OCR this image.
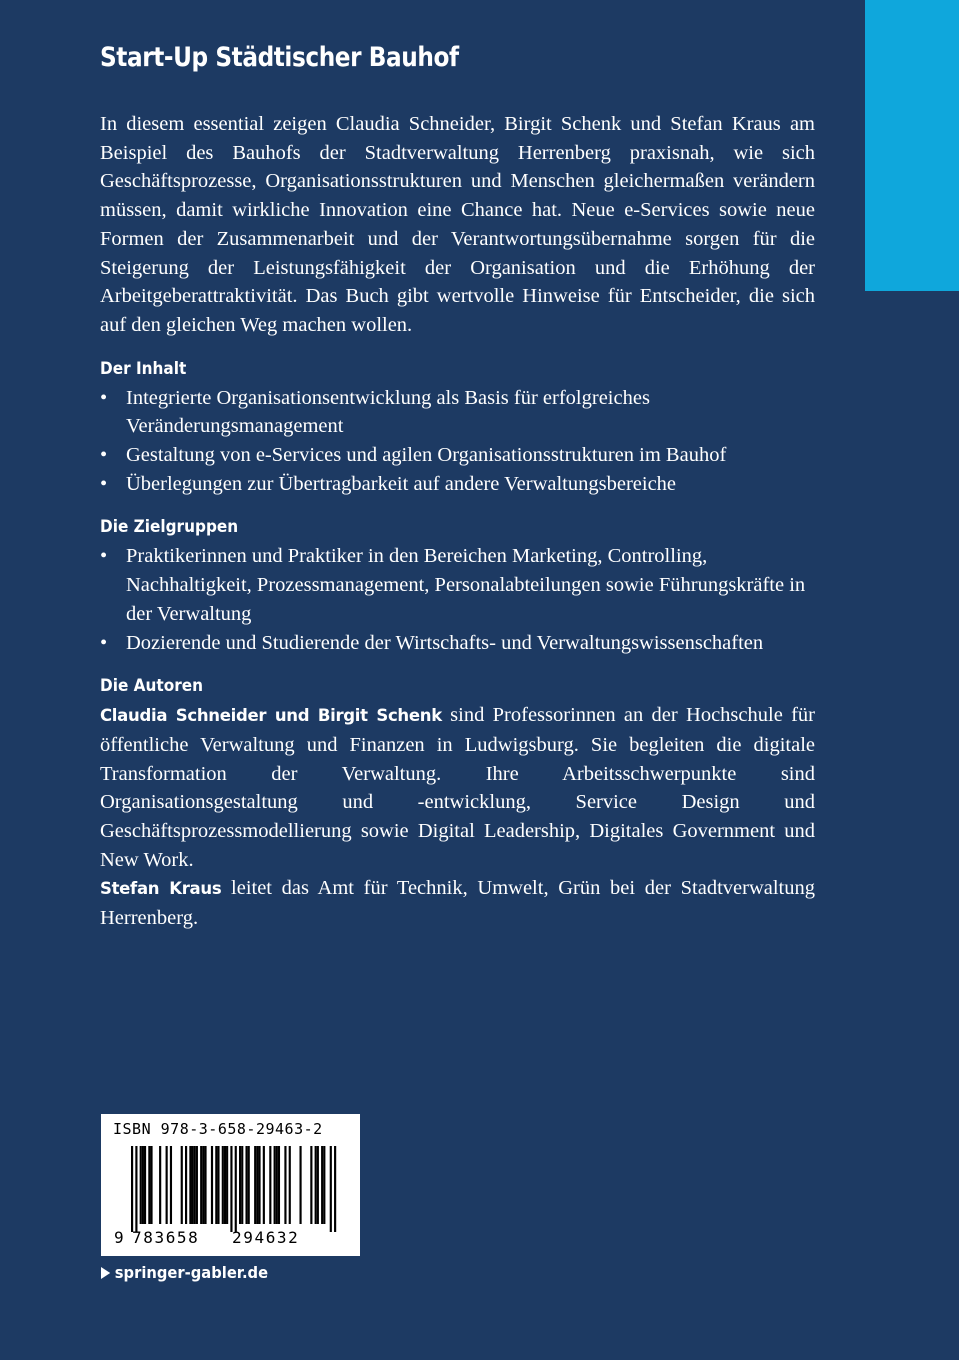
Start-Up Städtischer Bauhof

In diesem essential zeigen Claudia Schneider, Birgit Schenk und Stefan Kraus am Beispiel des Bauhofs der Stadtverwaltung Herrenberg praxisnah, wie sich Geschäftsprozesse, Organisationsstrukturen und Menschen gleichermaßen verändern müssen, damit wirkliche Innovation eine Chance hat. Neue e-Services sowie neue Formen der Zusammenarbeit und der Verantwortungsübernahme sorgen für die Steigerung der Leistungsfähigkeit der Organisation und die Erhöhung der Arbeitgeberattraktivität. Das Buch gibt wertvolle Hinweise für Entscheider, die sich auf den gleichen Weg machen wollen.

Der Inhalt
• Integrierte Organisationsentwicklung als Basis für erfolgreiches Veränderungsmanagement
• Gestaltung von e-Services und agilen Organisationsstrukturen im Bauhof
• Überlegungen zur Übertragbarkeit auf andere Verwaltungsbereiche
Die Zielgruppen
• Praktikerinnen und Praktiker in den Bereichen Marketing, Controlling, Nachhaltigkeit, Prozessmanagement, Personalabteilungen sowie Führungskräfte in der Verwaltung
• Dozierende und Studierende der Wirtschafts- und Verwaltungswissenschaften
Die Autoren

Claudia Schneider und Birgit Schenk sind Professorinnen an der Hochschule für öffentliche Verwaltung und Finanzen in Ludwigsburg. Sie begleiten die digitale Transformation der Verwaltung. Ihre Arbeitsschwerpunkte sind Organisationsgestaltung und -entwicklung, Service Design und Geschäftsprozessmodellierung sowie Digital Leadership, Digitales Government und New Work.

Stefan Kraus leitet das Amt für Technik, Umwelt, Grün bei der Stadtverwaltung Herrenberg.

ISBN 978-3-658-29463-2
9 783658 294632
springer-gabler.de
